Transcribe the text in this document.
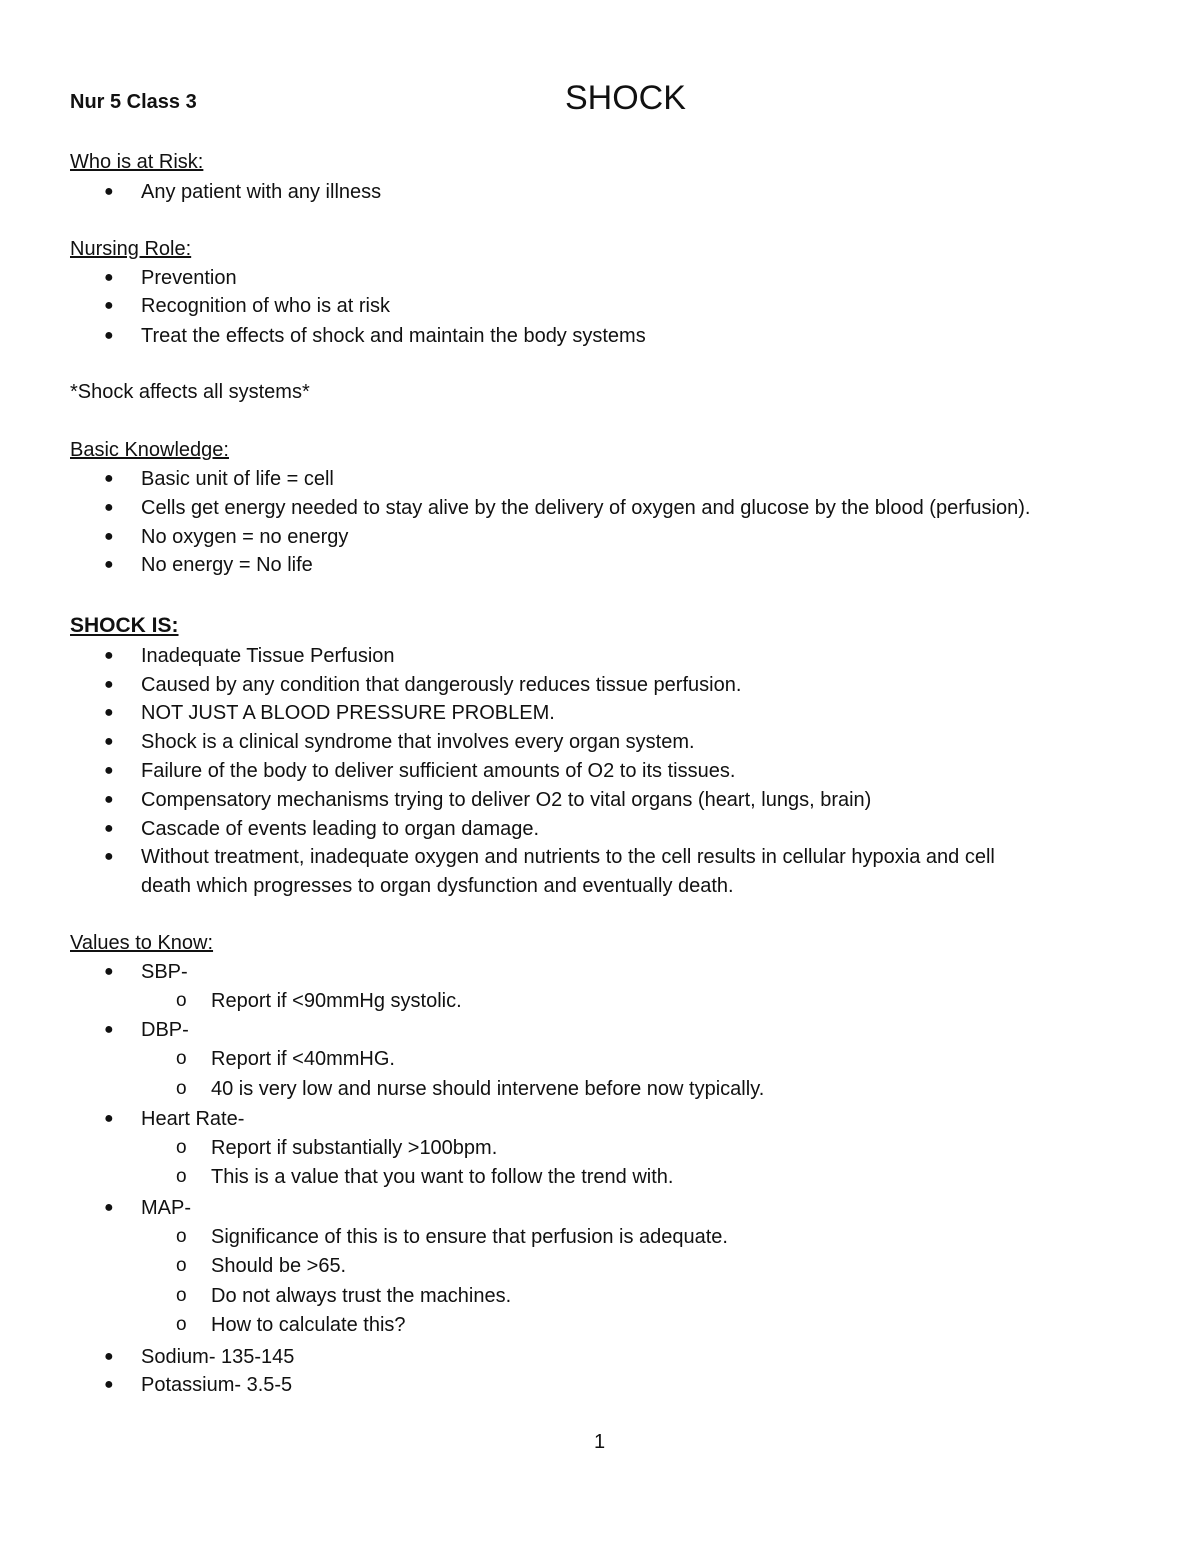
Nur 5 Class 3	SHOCK
Who is at Risk:
● Any patient with any illness
Nursing Role:
● Prevention
● Recognition of who is at risk
● Treat the effects of shock and maintain the body systems
*Shock affects all systems*
Basic Knowledge:
● Basic unit of life = cell
● Cells get energy needed to stay alive by the delivery of oxygen and glucose by the blood (perfusion).
● No oxygen = no energy
● No energy = No life
SHOCK IS:
● Inadequate Tissue Perfusion
● Caused by any condition that dangerously reduces tissue perfusion.
● NOT JUST A BLOOD PRESSURE PROBLEM.
● Shock is a clinical syndrome that involves every organ system.
● Failure of the body to deliver sufficient amounts of O2 to its tissues.
● Compensatory mechanisms trying to deliver O2 to vital organs (heart, lungs, brain)
● Cascade of events leading to organ damage.
● Without treatment, inadequate oxygen and nutrients to the cell results in cellular hypoxia and cell
death which progresses to organ dysfunction and eventually death.
Values to Know:
● SBP-
o Report if <90mmHg systolic.
● DBP-
o Report if <40mmHG.
o 40 is very low and nurse should intervene before now typically.
● Heart Rate-
o Report if substantially >100bpm.
o This is a value that you want to follow the trend with.
● MAP-
o Significance of this is to ensure that perfusion is adequate.
o Should be >65.
o Do not always trust the machines.
o How to calculate this?
● Sodium- 135-145
● Potassium- 3.5-5
1
